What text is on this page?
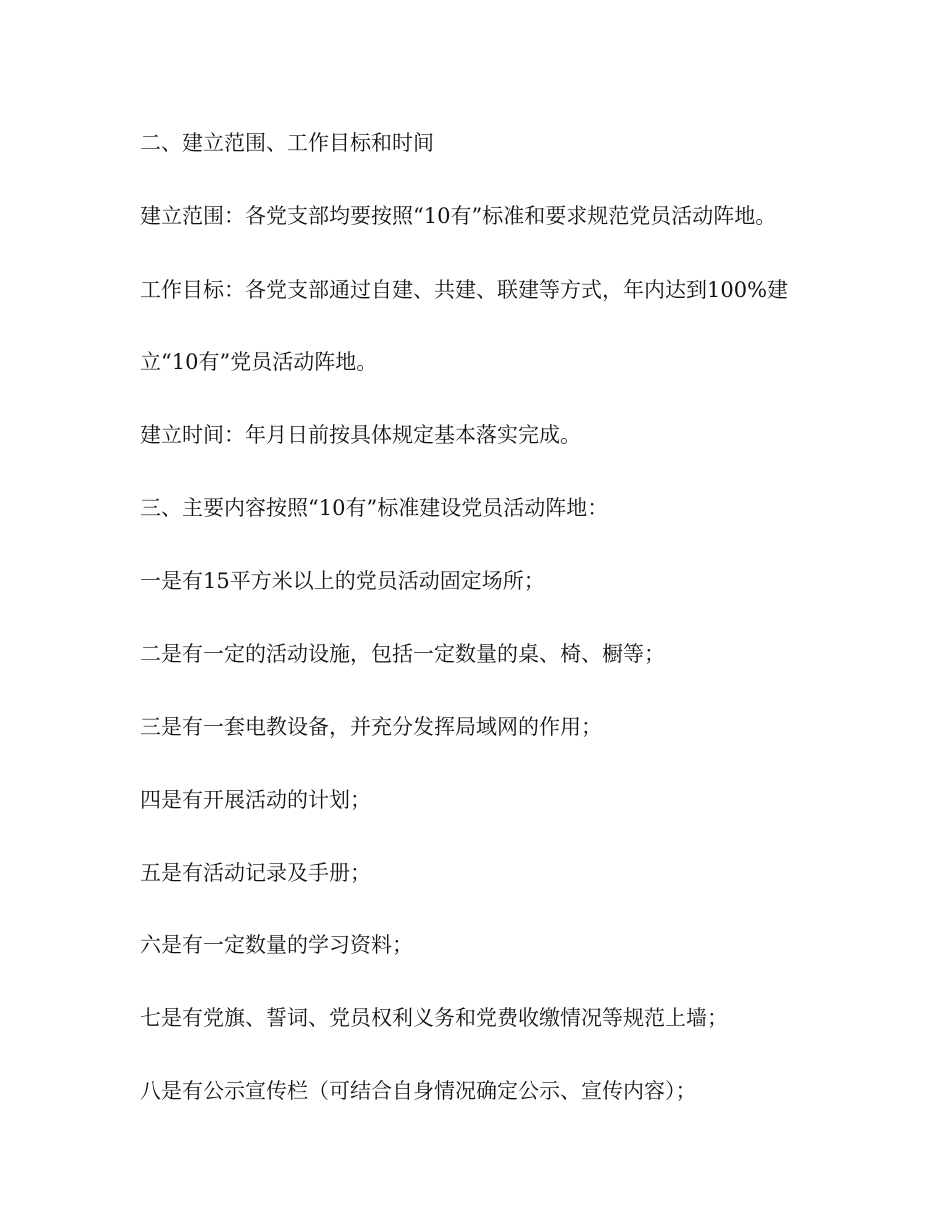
二、建立范围、工作目标和时间
建立范围：各党支部均要按照“10有”标准和要求规范党员活动阵地。
工作目标：各党支部通过自建、共建、联建等方式，年内达到100%建
立“10有”党员活动阵地。
建立时间：年月日前按具体规定基本落实完成。
三、主要内容按照“10有”标准建设党员活动阵地：
一是有15平方米以上的党员活动固定场所；
二是有一定的活动设施，包括一定数量的桌、椅、橱等；
三是有一套电教设备，并充分发挥局域网的作用；
四是有开展活动的计划；
五是有活动记录及手册；
六是有一定数量的学习资料；
七是有党旗、誓词、党员权利义务和党费收缴情况等规范上墙；
八是有公示宣传栏（可结合自身情况确定公示、宣传内容）；
